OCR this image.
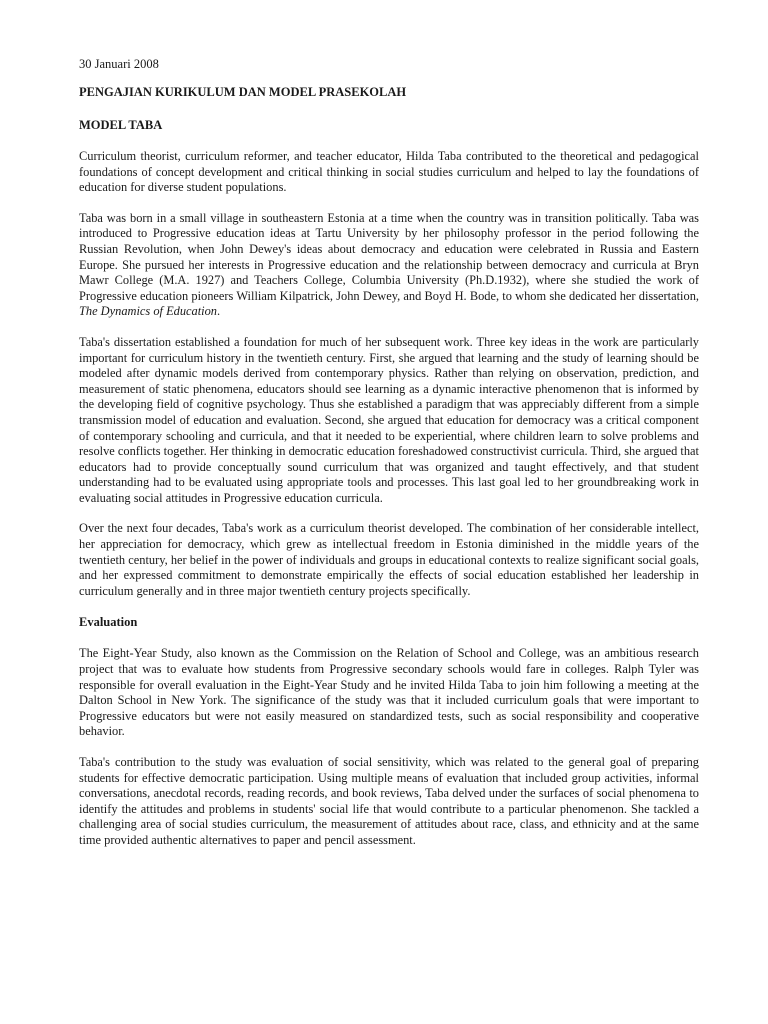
30 Januari 2008

PENGAJIAN KURIKULUM DAN MODEL PRASEKOLAH

MODEL TABA

Curriculum theorist, curriculum reformer, and teacher educator, Hilda Taba contributed to the theoretical and pedagogical foundations of concept development and critical thinking in social studies curriculum and helped to lay the foundations of education for diverse student populations.

Taba was born in a small village in southeastern Estonia at a time when the country was in transition politically. Taba was introduced to Progressive education ideas at Tartu University by her philosophy professor in the period following the Russian Revolution, when John Dewey's ideas about democracy and education were celebrated in Russia and Eastern Europe. She pursued her interests in Progressive education and the relationship between democracy and curricula at Bryn Mawr College (M.A. 1927) and Teachers College, Columbia University (Ph.D.1932), where she studied the work of Progressive education pioneers William Kilpatrick, John Dewey, and Boyd H. Bode, to whom she dedicated her dissertation, The Dynamics of Education.

Taba's dissertation established a foundation for much of her subsequent work. Three key ideas in the work are particularly important for curriculum history in the twentieth century. First, she argued that learning and the study of learning should be modeled after dynamic models derived from contemporary physics. Rather than relying on observation, prediction, and measurement of static phenomena, educators should see learning as a dynamic interactive phenomenon that is informed by the developing field of cognitive psychology. Thus she established a paradigm that was appreciably different from a simple transmission model of education and evaluation. Second, she argued that education for democracy was a critical component of contemporary schooling and curricula, and that it needed to be experiential, where children learn to solve problems and resolve conflicts together. Her thinking in democratic education foreshadowed constructivist curricula. Third, she argued that educators had to provide conceptually sound curriculum that was organized and taught effectively, and that student understanding had to be evaluated using appropriate tools and processes. This last goal led to her groundbreaking work in evaluating social attitudes in Progressive education curricula.

Over the next four decades, Taba's work as a curriculum theorist developed. The combination of her considerable intellect, her appreciation for democracy, which grew as intellectual freedom in Estonia diminished in the middle years of the twentieth century, her belief in the power of individuals and groups in educational contexts to realize significant social goals, and her expressed commitment to demonstrate empirically the effects of social education established her leadership in curriculum generally and in three major twentieth century projects specifically.

Evaluation

The Eight-Year Study, also known as the Commission on the Relation of School and College, was an ambitious research project that was to evaluate how students from Progressive secondary schools would fare in colleges. Ralph Tyler was responsible for overall evaluation in the Eight-Year Study and he invited Hilda Taba to join him following a meeting at the Dalton School in New York. The significance of the study was that it included curriculum goals that were important to Progressive educators but were not easily measured on standardized tests, such as social responsibility and cooperative behavior.

Taba's contribution to the study was evaluation of social sensitivity, which was related to the general goal of preparing students for effective democratic participation. Using multiple means of evaluation that included group activities, informal conversations, anecdotal records, reading records, and book reviews, Taba delved under the surfaces of social phenomena to identify the attitudes and problems in students' social life that would contribute to a particular phenomenon. She tackled a challenging area of social studies curriculum, the measurement of attitudes about race, class, and ethnicity and at the same time provided authentic alternatives to paper and pencil assessment.
